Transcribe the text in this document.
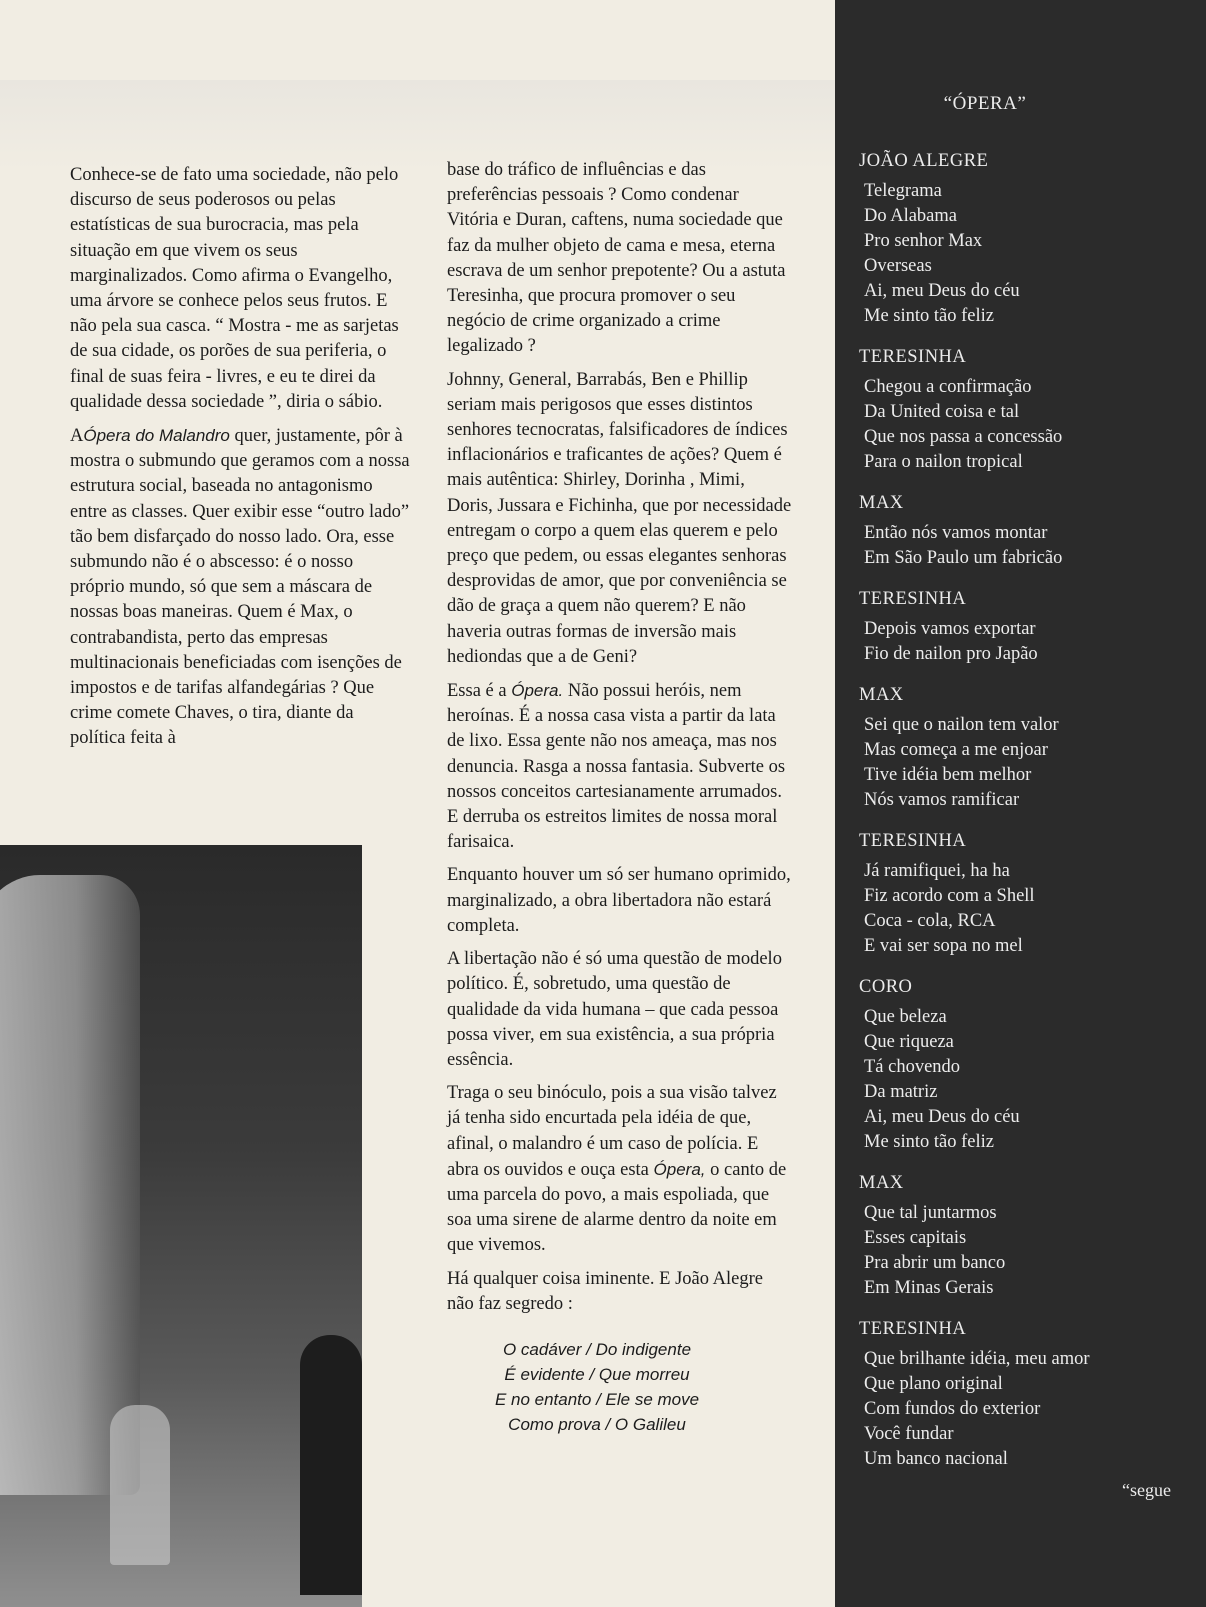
Conhece-se de fato uma sociedade, não pelo discurso de seus poderosos ou pelas estatísticas de sua burocracia, mas pela situação em que vivem os seus marginalizados. Como afirma o Evangelho, uma árvore se conhece pelos seus frutos. E não pela sua casca. “ Mostra - me as sarjetas de sua cidade, os porões de sua periferia, o final de suas feira - livres, e eu te direi da qualidade dessa sociedade ”, diria o sábio.

AÓpera do Malandro quer, justamente, pôr à mostra o submundo que geramos com a nossa estrutura social, baseada no antagonismo entre as classes. Quer exibir esse “outro lado” tão bem disfarçado do nosso lado. Ora, esse submundo não é o abscesso: é o nosso próprio mundo, só que sem a máscara de nossas boas maneiras. Quem é Max, o contrabandista, perto das empresas multinacionais beneficiadas com isenções de impostos e de tarifas alfandegárias ? Que crime comete Chaves, o tira, diante da política feita à

base do tráfico de influências e das preferências pessoais ? Como condenar Vitória e Duran, caftens, numa sociedade que faz da mulher objeto de cama e mesa, eterna escrava de um senhor prepotente? Ou a astuta Teresinha, que procura promover o seu negócio de crime organizado a crime legalizado ?

Johnny, General, Barrabás, Ben e Phillip seriam mais perigosos que esses distintos senhores tecnocratas, falsificadores de índices inflacionários e traficantes de ações? Quem é mais autêntica: Shirley, Dorinha , Mimi, Doris, Jussara e Fichinha, que por necessidade entregam o corpo a quem elas querem e pelo preço que pedem, ou essas elegantes senhoras desprovidas de amor, que por conveniência se dão de graça a quem não querem? E não haveria outras formas de inversão mais hediondas que a de Geni?

Essa é a Ópera. Não possui heróis, nem heroínas. É a nossa casa vista a partir da lata de lixo. Essa gente não nos ameaça, mas nos denuncia. Rasga a nossa fantasia. Subverte os nossos conceitos cartesianamente arrumados. E derruba os estreitos limites de nossa moral farisaica.

Enquanto houver um só ser humano oprimido, marginalizado, a obra libertadora não estará completa.

A libertação não é só uma questão de modelo político. É, sobretudo, uma questão de qualidade da vida humana – que cada pessoa possa viver, em sua existência, a sua própria essência.

Traga o seu binóculo, pois a sua visão talvez já tenha sido encurtada pela idéia de que, afinal, o malandro é um caso de polícia. E abra os ouvidos e ouça esta Ópera, o canto de uma parcela do povo, a mais espoliada, que soa uma sirene de alarme dentro da noite em que vivemos.

Há qualquer coisa iminente. E João Alegre não faz segredo :

O cadáver / Do indigente
É evidente / Que morreu
E no entanto / Ele se move
Como prova / O Galileu
“ÓPERA”
JOÃO ALEGRE
Telegrama
Do Alabama
Pro senhor Max
Overseas
Ai, meu Deus do céu
Me sinto tão feliz
TERESINHA
Chegou a confirmação
Da United coisa e tal
Que nos passa a concessão
Para o nailon tropical
MAX
Então nós vamos montar
Em São Paulo um fabricão
TERESINHA
Depois vamos exportar
Fio de nailon pro Japão
MAX
Sei que o nailon tem valor
Mas começa a me enjoar
Tive idéia bem melhor
Nós vamos ramificar
TERESINHA
Já ramifiquei, ha ha
Fiz acordo com a Shell
Coca - cola, RCA
E vai ser sopa no mel
CORO
Que beleza
Que riqueza
Tá chovendo
Da matriz
Ai, meu Deus do céu
Me sinto tão feliz
MAX
Que tal juntarmos
Esses capitais
Pra abrir um banco
Em Minas Gerais
TERESINHA
Que brilhante idéia, meu amor
Que plano original
Com fundos do exterior
Você fundar
Um banco nacional
“segue
